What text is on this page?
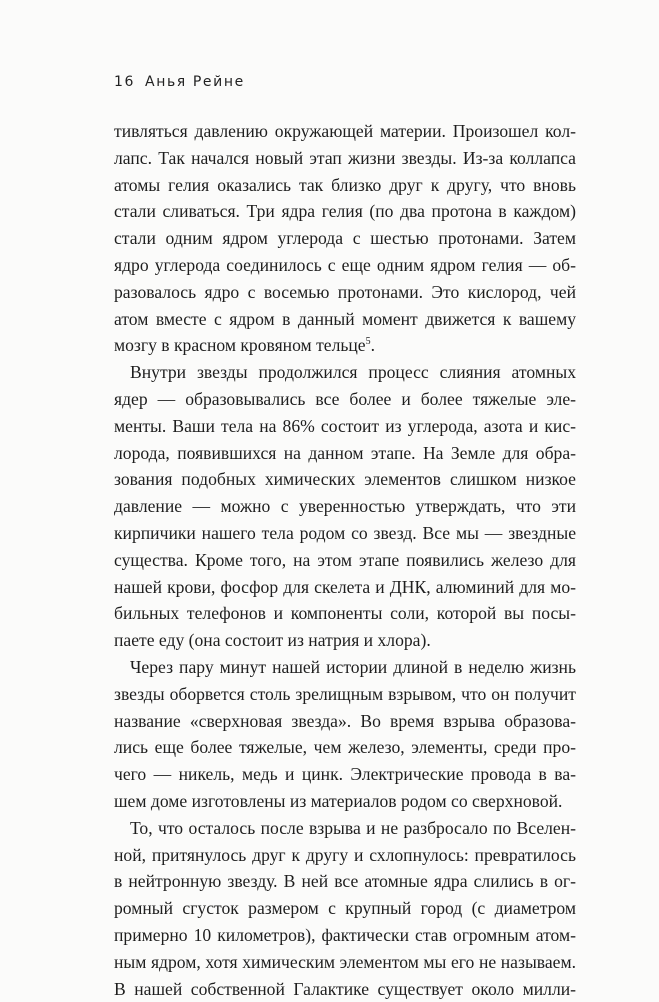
16 Анья Рейне
тивляться давлению окружающей материи. Произошел кол-
лапс. Так начался новый этап жизни звезды. Из-за коллапса
атомы гелия оказались так близко друг к другу, что вновь
стали сливаться. Три ядра гелия (по два протона в каждом)
стали одним ядром углерода с шестью протонами. Затем
ядро углерода соединилось с еще одним ядром гелия — об-
разовалось ядро с восемью протонами. Это кислород, чей
атом вместе с ядром в данный момент движется к вашему
мозгу в красном кровяном тельце$^5$.
Внутри звезды продолжился процесс слияния атомных
ядер — образовывались все более и более тяжелые эле-
менты. Ваши тела на 86% состоит из углерода, азота и кис-
лорода, появившихся на данном этапе. На Земле для обра-
зования подобных химических элементов слишком низкое
давление — можно с уверенностью утверждать, что эти
кирпичики нашего тела родом со звезд. Все мы — звездные
существа. Кроме того, на этом этапе появились железо для
нашей крови, фосфор для скелета и ДНК, алюминий для мо-
бильных телефонов и компоненты соли, которой вы посы-
паете еду (она состоит из натрия и хлора).
Через пару минут нашей истории длиной в неделю жизнь
звезды оборвется столь зрелищным взрывом, что он получит
название «сверхновая звезда». Во время взрыва образова-
лись еще более тяжелые, чем железо, элементы, среди про-
чего — никель, медь и цинк. Электрические провода в ва-
шем доме изготовлены из материалов родом со сверхновой.
То, что осталось после взрыва и не разбросало по Вселен-
ной, притянулось друг к другу и схлопнулось: превратилось
в нейтронную звезду. В ней все атомные ядра слились в ог-
ромный сгусток размером с крупный город (с диаметром
примерно 10 километров), фактически став огромным атом-
ным ядром, хотя химическим элементом мы его не называем.
В нашей собственной Галактике существует около милли-
